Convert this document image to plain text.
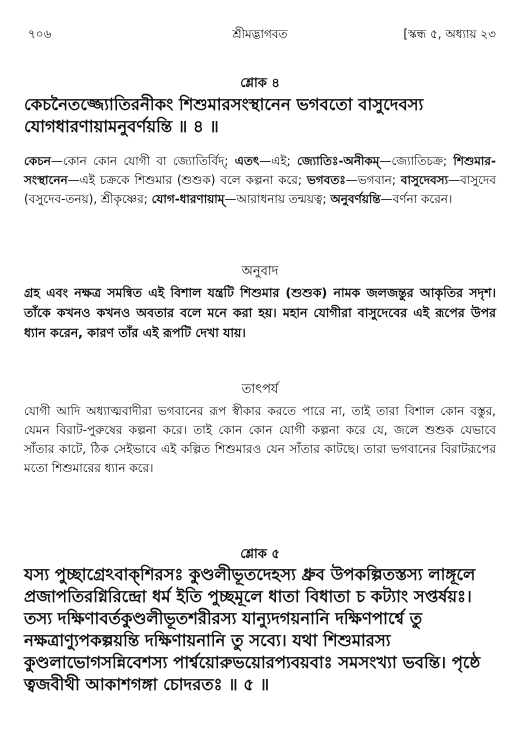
৭০৬	শ্রীমদ্ভাগবত	[স্কন্ধ ৫, অধ্যায় ২৩
শ্লোক ৪
কেচনৈতজ্জ্যোতিরনীকং শিশুমারসংস্থানেন ভগবতো বাসুদেবস্য যোগধারণায়ামনুবর্ণয়ন্তি ॥ ৪ ॥
কেচন—কোন কোন যোগী বা জ্যোতির্বিদ্‌; এতৎ—এই; জ্যোতিঃ-অনীকম্—জ্যোতিচক্র; শিশুমার-সংস্থানেন—এই চক্রকে শিশুমার (শুশুক) বলে কল্পনা করে; ভগবতঃ—ভগবান; বাসুদেবস্য—বাসুদেব (বসুদেব-তনয়), শ্রীকৃষ্ণের; যোগ-ধারণায়াম্—আরাধনায় তন্ময়ত্ব; অনুবর্ণয়ন্তি—বর্ণনা করেন।
অনুবাদ
গ্রহ এবং নক্ষত্র সমন্বিত এই বিশাল যন্ত্রটি শিশুমার (শুশুক) নামক জলজন্তুর আকৃতির সদৃশ। তাঁকে কখনও কখনও অবতার বলে মনে করা হয়। মহান যোগীরা বাসুদেবের এই রূপের উপর ধ্যান করেন, কারণ তাঁর এই রূপটি দেখা যায়।
তাৎপর্য
যোগী আদি অধ্যাত্মবাদীরা ভগবানের রূপ স্বীকার করতে পারে না, তাই তারা বিশাল কোন বস্তুর, যেমন বিরাট-পুরুষের কল্পনা করে। তাই কোন কোন যোগী কল্পনা করে যে, জলে শুশুক যেভাবে সাঁতার কাটে, ঠিক সেইভাবে এই কল্পিত শিশুমারও যেন সাঁতার কাটছে। তারা ভগবানের বিরাটরূপের মতো শিশুমারের ধ্যান করে।
শ্লোক ৫
যস্য পুচ্ছাগ্রেঽবাক্‌শিরসঃ কুণ্ডলীভূতদেহস্য ধ্রুব উপকল্পিতস্তস্য লাঙ্গূলে প্রজাপতিরগ্নিরিন্দ্রো ধর্ম ইতি পুচ্ছমূলে ধাতা বিধাতা চ কট্যাং সপ্তর্ষয়ঃ। তস্য দক্ষিণাবর্তকুণ্ডলীভূতশরীরস্য যান্যুদগয়নানি দক্ষিণপার্শ্বে তু নক্ষত্রাণ্যুপকল্পয়ন্তি দক্ষিণায়নানি তু সব্যে। যথা শিশুমারস্য কুণ্ডলাভোগসন্নিবেশস্য পার্শ্বয়োরুভয়োরপ্যবয়বাঃ সমসংখ্যা ভবন্তি। পৃষ্ঠে ত্বজবীথী আকাশগঙ্গা চোদরতঃ ॥ ৫ ॥
